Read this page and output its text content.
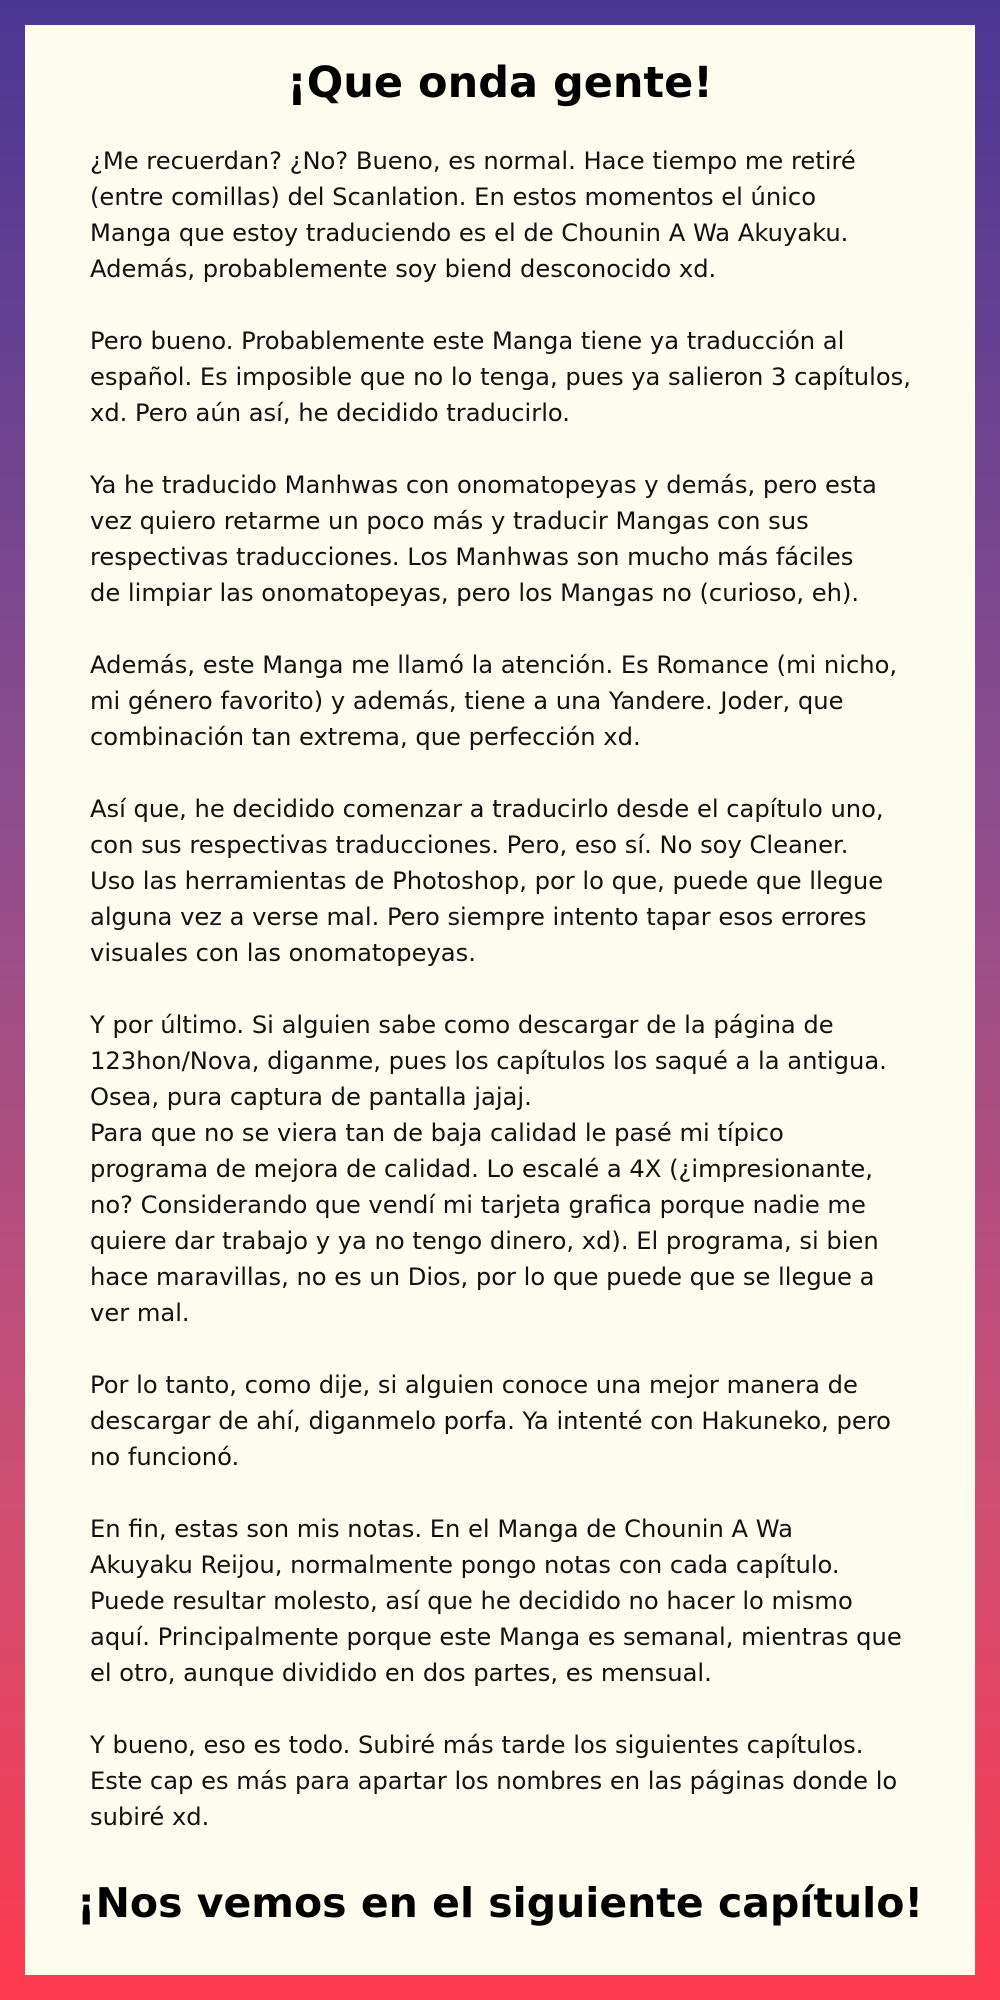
¡Que onda gente!

¿Me recuerdan? ¿No? Bueno, es normal. Hace tiempo me retiré
(entre comillas) del Scanlation. En estos momentos el único
Manga que estoy traduciendo es el de Chounin A Wa Akuyaku.
Además, probablemente soy biend desconocido xd.

Pero bueno. Probablemente este Manga tiene ya traducción al
español. Es imposible que no lo tenga, pues ya salieron 3 capítulos,
xd. Pero aún así, he decidido traducirlo.

Ya he traducido Manhwas con onomatopeyas y demás, pero esta
vez quiero retarme un poco más y traducir Mangas con sus
respectivas traducciones. Los Manhwas son mucho más fáciles
de limpiar las onomatopeyas, pero los Mangas no (curioso, eh).

Además, este Manga me llamó la atención. Es Romance (mi nicho,
mi género favorito) y además, tiene a una Yandere. Joder, que
combinación tan extrema, que perfección xd.

Así que, he decidido comenzar a traducirlo desde el capítulo uno,
con sus respectivas traducciones. Pero, eso sí. No soy Cleaner.
Uso las herramientas de Photoshop, por lo que, puede que llegue
alguna vez a verse mal. Pero siempre intento tapar esos errores
visuales con las onomatopeyas.

Y por último. Si alguien sabe como descargar de la página de
123hon/Nova, diganme, pues los capítulos los saqué a la antigua.
Osea, pura captura de pantalla jajaj.

Para que no se viera tan de baja calidad le pasé mi típico
programa de mejora de calidad. Lo escalé a 4X (¿impresionante,
no? Considerando que vendí mi tarjeta grafica porque nadie me
quiere dar trabajo y ya no tengo dinero, xd). El programa, si bien
hace maravillas, no es un Dios, por lo que puede que se llegue a
ver mal.

Por lo tanto, como dije, si alguien conoce una mejor manera de
descargar de ahí, diganmelo porfa. Ya intenté con Hakuneko, pero
no funcionó.

En fin, estas son mis notas. En el Manga de Chounin A Wa
Akuyaku Reijou, normalmente pongo notas con cada capítulo.
Puede resultar molesto, así que he decidido no hacer lo mismo
aquí. Principalmente porque este Manga es semanal, mientras que
el otro, aunque dividido en dos partes, es mensual.

Y bueno, eso es todo. Subiré más tarde los siguientes capítulos.
Este cap es más para apartar los nombres en las páginas donde lo
subiré xd.

¡Nos vemos en el siguiente capítulo!
